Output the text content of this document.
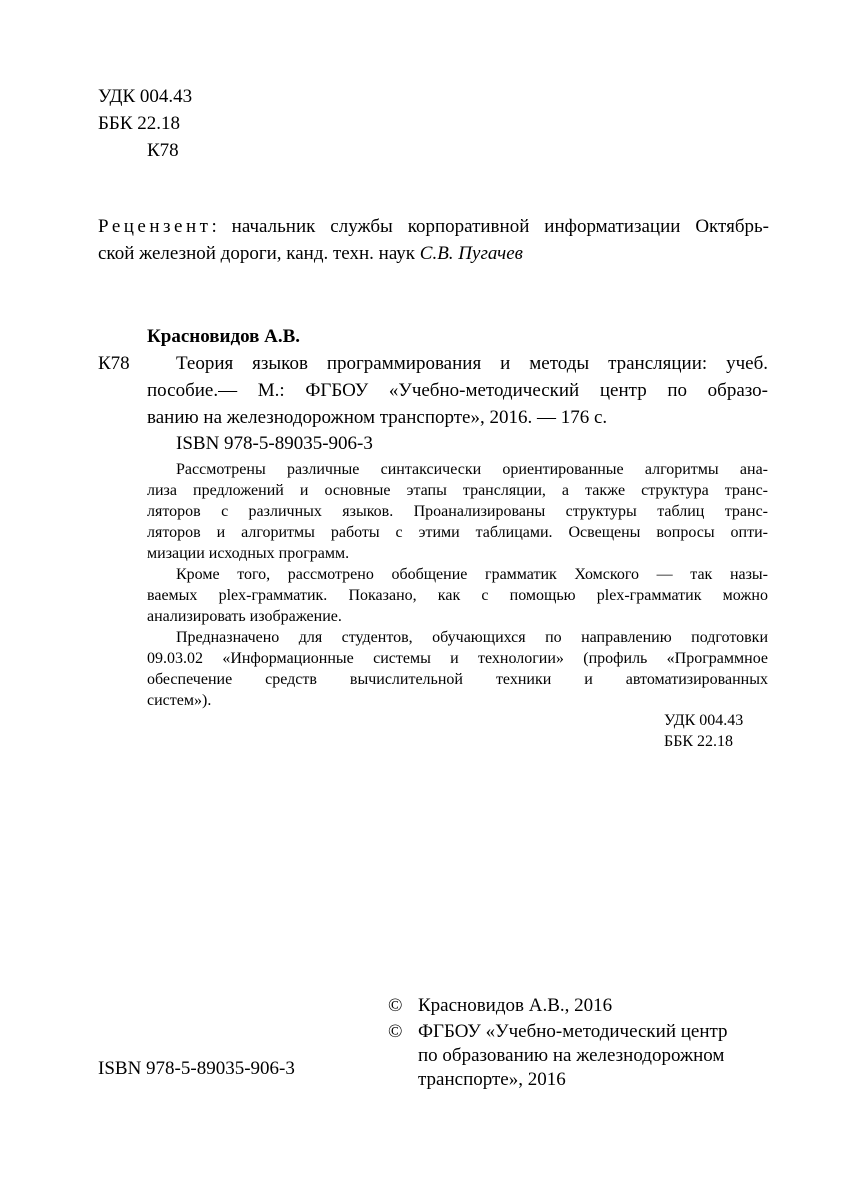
УДК 004.43
ББК 22.18
К78
Рецензент : начальник службы корпоративной информатизации Октябрь-
ской железной дороги, канд. техн. наук С.В. Пугачев
Красновидов А.В.
К78 Теория языков программирования и методы трансляции: учеб.
пособие.— М.: ФГБОУ «Учебно-методический центр по образо-
ванию на железнодорожном транспорте», 2016. — 176 с.
ISBN 978-5-89035-906-3
Рассмотрены различные синтаксически ориентированные алгоритмы ана-
лиза предложений и основные этапы трансляции, а также структура транс-
ляторов с различных языков. Проанализированы структуры таблиц транс-
ляторов и алгоритмы работы с этими таблицами. Освещены вопросы опти-
мизации исходных программ.
Кроме того, рассмотрено обобщение грамматик Хомского — так назы-
ваемых plex-грамматик. Показано, как с помощью plex-грамматик можно
анализировать изображение.
Предназначено для студентов, обучающихся по направлению подготовки
09.03.02 «Информационные системы и технологии» (профиль «Программное
обеспечение средств вычислительной техники и автоматизированных
систем»).
УДК 004.43
ББК 22.18
© Красновидов А.В., 2016
© ФГБОУ «Учебно-методический центр
по образованию на железнодорожном
транспорте», 2016
ISBN 978-5-89035-906-3
